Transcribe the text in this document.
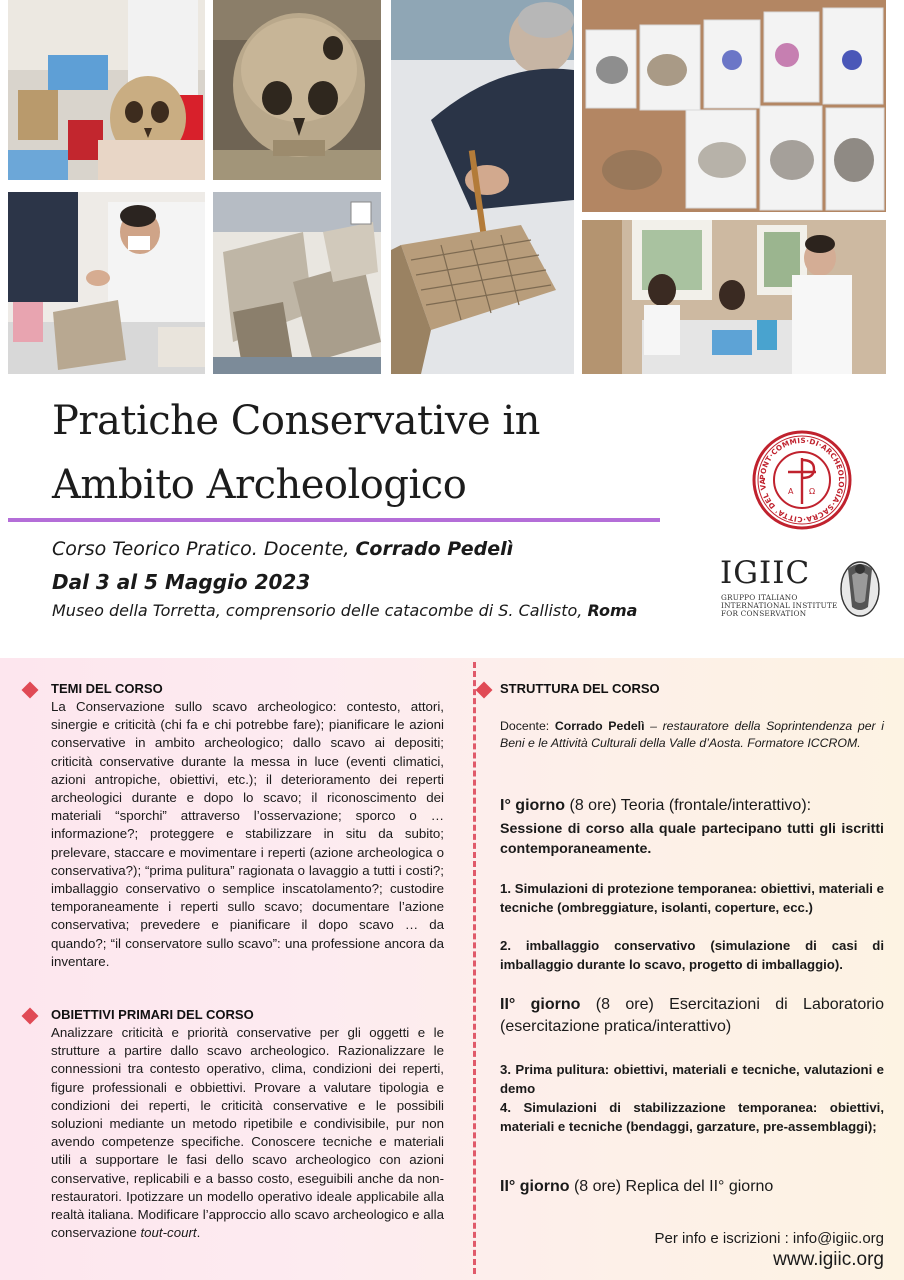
Pratiche Conservative in
Ambito Archeologico
Corso Teorico Pratico. Docente, Corrado Pedelì
Dal 3 al 5 Maggio 2023
Museo della Torretta, comprensorio delle catacombe di S. Callisto, Roma
PONT·COMMIS·DI·ARCHEOLOGIA·SACRA·CITTA' DEL VA
A Ω
IGIIC
GRUPPO ITALIANO
INTERNATIONAL INSTITUTE
FOR CONSERVATION
TEMI DEL CORSO
La Conservazione sullo scavo archeologico: contesto, attori, sinergie e criticità (chi fa e chi potrebbe fare); pianificare le azioni conservative in ambito archeologico; dallo scavo ai depositi; criticità conservative durante la messa in luce (eventi climatici, azioni antropiche, obiettivi, etc.); il deterioramento dei reperti archeologici durante e dopo lo scavo; il riconoscimento dei materiali “sporchi” attraverso l’osservazione; sporco o … informazione?; proteggere e stabilizzare in situ da subito; prelevare, staccare e movimentare i reperti (azione archeologica o conservativa?); “prima pulitura” ragionata o lavaggio a tutti i costi?; imballaggio conservativo o semplice inscatolamento?; custodire temporaneamente i reperti sullo scavo; documentare l’azione conservativa; prevedere e pianificare il dopo scavo … da quando?; “il conservatore sullo scavo”: una professione ancora da inventare.
OBIETTIVI PRIMARI DEL CORSO
Analizzare criticità e priorità conservative per gli oggetti e le strutture a partire dallo scavo archeologico. Razionalizzare le connessioni tra contesto operativo, clima, condizioni dei reperti, figure professionali e obbiettivi. Provare a valutare tipologia e condizioni dei reperti, le criticità conservative e le possibili soluzioni mediante un metodo ripetibile e condivisibile, pur non avendo competenze specifiche. Conoscere tecniche e materiali utili a supportare le fasi dello scavo archeologico con azioni conservative, replicabili e a basso costo, eseguibili anche da non-restauratori. Ipotizzare un modello operativo ideale applicabile alla realtà italiana. Modificare l’approccio allo scavo archeologico e alla conservazione tout-court.
STRUTTURA DEL CORSO
Docente: Corrado Pedelì – restauratore della Soprintendenza per i Beni e le Attività Culturali della Valle d’Aosta. Formatore ICCROM.
I° giorno (8 ore) Teoria (frontale/interattivo):
Sessione di corso alla quale partecipano tutti gli iscritti contemporaneamente.
1. Simulazioni di protezione temporanea: obiettivi, materiali e tecniche (ombreggiature, isolanti, coperture, ecc.)
2. imballaggio conservativo (simulazione di casi di imballaggio durante lo scavo, progetto di imballaggio).
II° giorno (8 ore) Esercitazioni di Laboratorio (esercitazione pratica/interattivo)
3. Prima pulitura: obiettivi, materiali e tecniche, valutazioni e demo
4. Simulazioni di stabilizzazione temporanea: obiettivi, materiali e tecniche (bendaggi, garzature, pre-assemblaggi);
II° giorno (8 ore) Replica del II° giorno
Per info e iscrizioni : info@igiic.org
www.igiic.org
